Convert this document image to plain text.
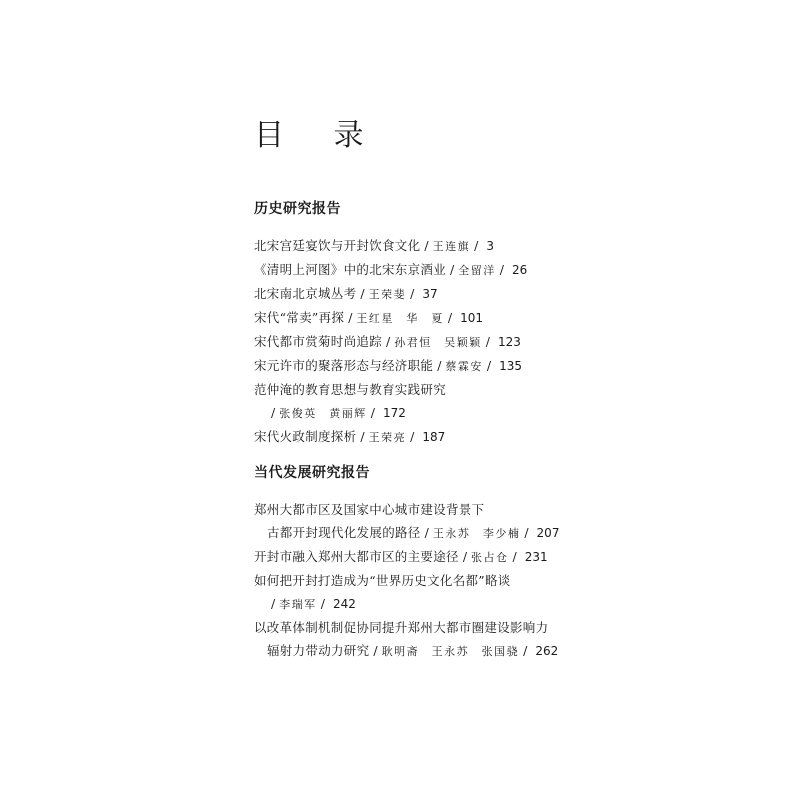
目 录
历史研究报告
北宋宫廷宴饮与开封饮食文化 / 王连旗 / 3
《清明上河图》中的北宋东京酒业 / 全留洋 / 26
北宋南北京城丛考 / 王荣斐 / 37
宋代“常卖”再探 / 王红星　华　夏 / 101
宋代都市赏菊时尚追踪 / 孙君恒　吴颖颖 / 123
宋元许市的聚落形态与经济职能 / 蔡霖安 / 135
范仲淹的教育思想与教育实践研究
/ 张俊英　黄丽辉 / 172
宋代火政制度探析 / 王荣亮 / 187
当代发展研究报告
郑州大都市区及国家中心城市建设背景下
古都开封现代化发展的路径 / 王永苏　李少楠 / 207
开封市融入郑州大都市区的主要途径 / 张占仓 / 231
如何把开封打造成为“世界历史文化名都”略谈
/ 李瑞军 / 242
以改革体制机制促协同提升郑州大都市圈建设影响力
辐射力带动力研究 / 耿明斋　王永苏　张国骁 / 262
